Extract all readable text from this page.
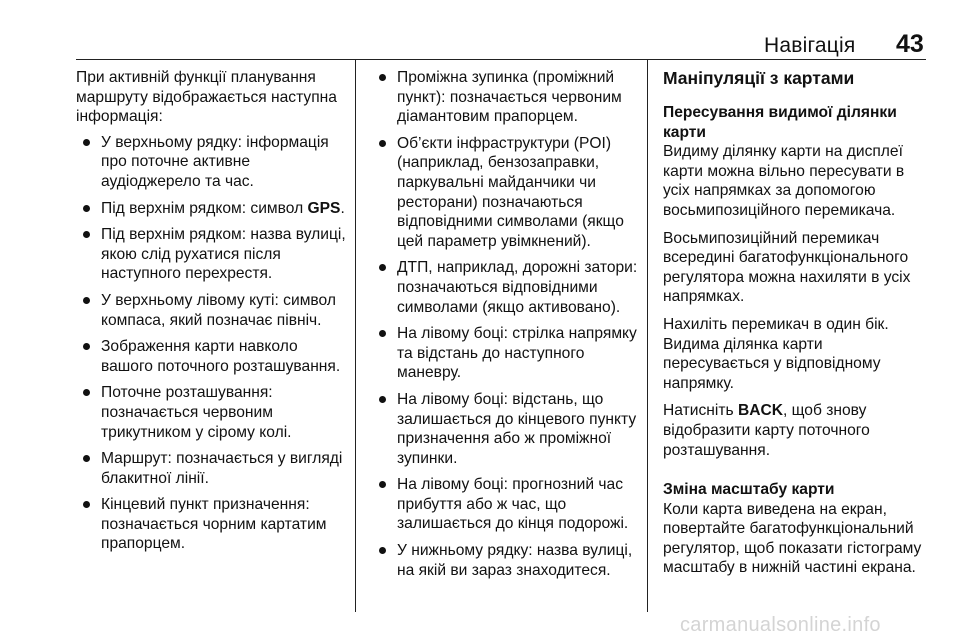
Навігація 43

При активній функції планування маршруту відображається наступна інформація:

У верхньому рядку: інформація про поточне активне аудіоджерело та час.
Під верхнім рядком: символ GPS.
Під верхнім рядком: назва вулиці, якою слід рухатися після наступного перехрестя.
У верхньому лівому куті: символ компаса, який позначає північ.
Зображення карти навколо вашого поточного розташування.
Поточне розташування: позначається червоним трикутником у сірому колі.
Маршрут: позначається у вигляді блакитної лінії.
Кінцевий пункт призначення: позначається чорним картатим прапорцем.
Проміжна зупинка (проміжний пункт): позначається червоним діамантовим прапорцем.
Об’єкти інфраструктури (POI) (наприклад, бензозаправки, паркувальні майданчики чи ресторани) позначаються відповідними символами (якщо цей параметр увімкнений).
ДТП, наприклад, дорожні затори: позначаються відповідними символами (якщо активовано).
На лівому боці: стрілка напрямку та відстань до наступного маневру.
На лівому боці: відстань, що залишається до кінцевого пункту призначення або ж проміжної зупинки.
На лівому боці: прогнозний час прибуття або ж час, що залишається до кінця подорожі.
У нижньому рядку: назва вулиці, на якій ви зараз знаходитеся.
Маніпуляції з картами
Пересування видимої ділянки карти

Видиму ділянку карти на дисплеї карти можна вільно пересувати в усіх напрямках за допомогою восьмипозиційного перемикача.

Восьмипозиційний перемикач всередині багатофункціонального регулятора можна нахиляти в усіх напрямках.

Нахиліть перемикач в один бік. Видима ділянка карти пересувається у відповідному напрямку.

Натисніть BACK, щоб знову відобразити карту поточного розташування.

Зміна масштабу карти

Коли карта виведена на екран, повертайте багатофункціональний регулятор, щоб показати гістограму масштабу в нижній частині екрана.

carmanualsonline.info
